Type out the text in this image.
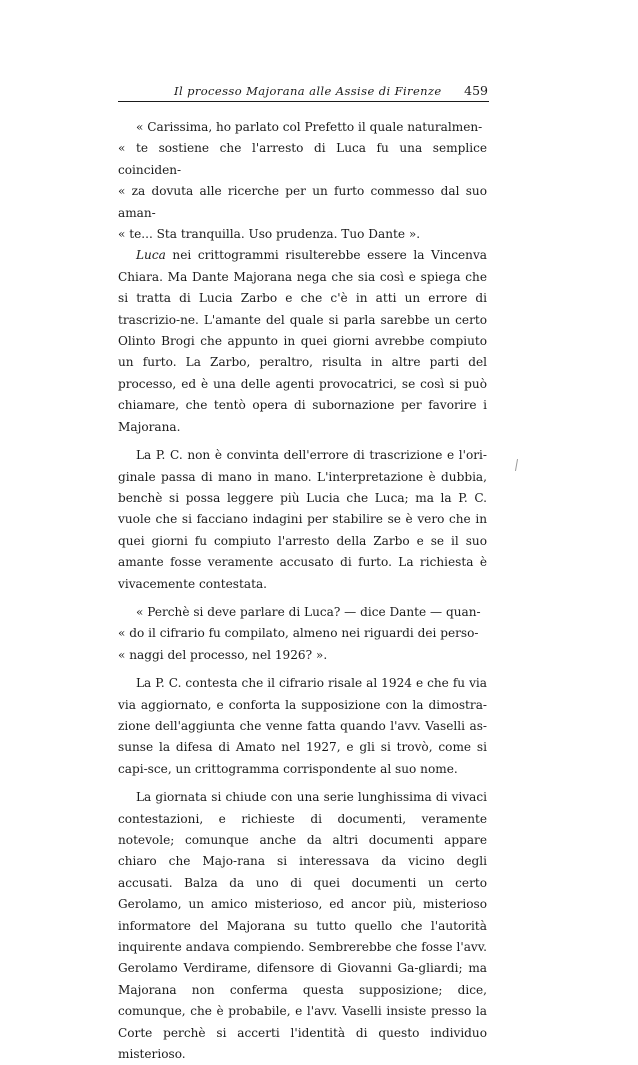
Il processo Majorana alle Assise di Firenze 459

« Carissima, ho parlato col Prefetto il quale naturalmen-
« te sostiene che l'arresto di Luca fu una semplice coinciden-
« za dovuta alle ricerche per un furto commesso dal suo aman-
« te... Sta tranquilla. Uso prudenza. Tuo Dante ».

Luca nei crittogrammi risulterebbe essere la Vincenva Chiara. Ma Dante Majorana nega che sia così e spiega che si tratta di Lucia Zarbo e che c'è in atti un errore di trascrizio-ne. L'amante del quale si parla sarebbe un certo Olinto Brogi che appunto in quei giorni avrebbe compiuto un furto. La Zarbo, peraltro, risulta in altre parti del processo, ed è una delle agenti provocatrici, se così si può chiamare, che tentò opera di subornazione per favorire i Majorana.

La P. C. non è convinta dell'errore di trascrizione e l'ori-ginale passa di mano in mano. L'interpretazione è dubbia, benchè si possa leggere più Lucia che Luca; ma la P. C. vuole che si facciano indagini per stabilire se è vero che in quei giorni fu compiuto l'arresto della Zarbo e se il suo amante fosse veramente accusato di furto. La richiesta è vivacemente contestata.

« Perchè si deve parlare di Luca? — dice Dante — quan-
« do il cifrario fu compilato, almeno nei riguardi dei perso-
« naggi del processo, nel 1926? ».

La P. C. contesta che il cifrario risale al 1924 e che fu via via aggiornato, e conforta la supposizione con la dimostra-zione dell'aggiunta che venne fatta quando l'avv. Vaselli as-sunse la difesa di Amato nel 1927, e gli si trovò, come si capi-sce, un crittogramma corrispondente al suo nome.

La giornata si chiude con una serie lunghissima di vivaci contestazioni, e richieste di documenti, veramente notevole; comunque anche da altri documenti appare chiaro che Majo-rana si interessava da vicino degli accusati. Balza da uno di quei documenti un certo Gerolamo, un amico misterioso, ed ancor più, misterioso informatore del Majorana su tutto quello che l'autorità inquirente andava compiendo. Sembrerebbe che fosse l'avv. Gerolamo Verdirame, difensore di Giovanni Ga-gliardi; ma Majorana non conferma questa supposizione; dice, comunque, che è probabile, e l'avv. Vaselli insiste presso la Corte perchè si accerti l'identità di questo individuo misterioso.
